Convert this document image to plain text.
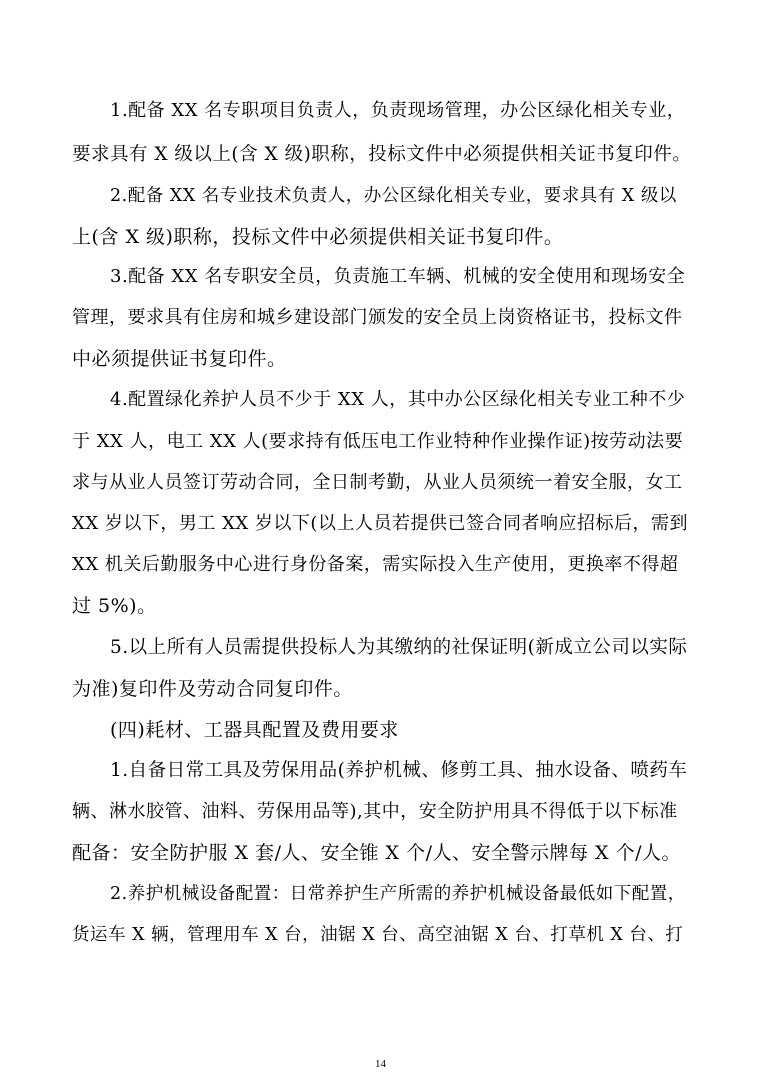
1.配备 XX 名专职项目负责人，负责现场管理，办公区绿化相关专业，
要求具有 X 级以上(含 X 级)职称，投标文件中必须提供相关证书复印件。
2.配备 XX 名专业技术负责人，办公区绿化相关专业，要求具有 X 级以
上(含 X 级)职称，投标文件中必须提供相关证书复印件。
3.配备 XX 名专职安全员，负责施工车辆、机械的安全使用和现场安全
管理，要求具有住房和城乡建设部门颁发的安全员上岗资格证书，投标文件
中必须提供证书复印件。
4.配置绿化养护人员不少于 XX 人，其中办公区绿化相关专业工种不少
于 XX 人，电工 XX 人(要求持有低压电工作业特种作业操作证)按劳动法要
求与从业人员签订劳动合同，全日制考勤，从业人员须统一着安全服，女工
XX 岁以下，男工 XX 岁以下(以上人员若提供已签合同者响应招标后，需到
XX 机关后勤服务中心进行身份备案，需实际投入生产使用，更换率不得超
过 5%)。
5.以上所有人员需提供投标人为其缴纳的社保证明(新成立公司以实际
为准)复印件及劳动合同复印件。
(四)耗材、工器具配置及费用要求
1.自备日常工具及劳保用品(养护机械、修剪工具、抽水设备、喷药车
辆、淋水胶管、油料、劳保用品等),其中，安全防护用具不得低于以下标准
配备：安全防护服 X 套/人、安全锥 X 个/人、安全警示牌每 X 个/人。
2.养护机械设备配置：日常养护生产所需的养护机械设备最低如下配置，
货运车 X 辆，管理用车 X 台，油锯 X 台、高空油锯 X 台、打草机 X 台、打
14
